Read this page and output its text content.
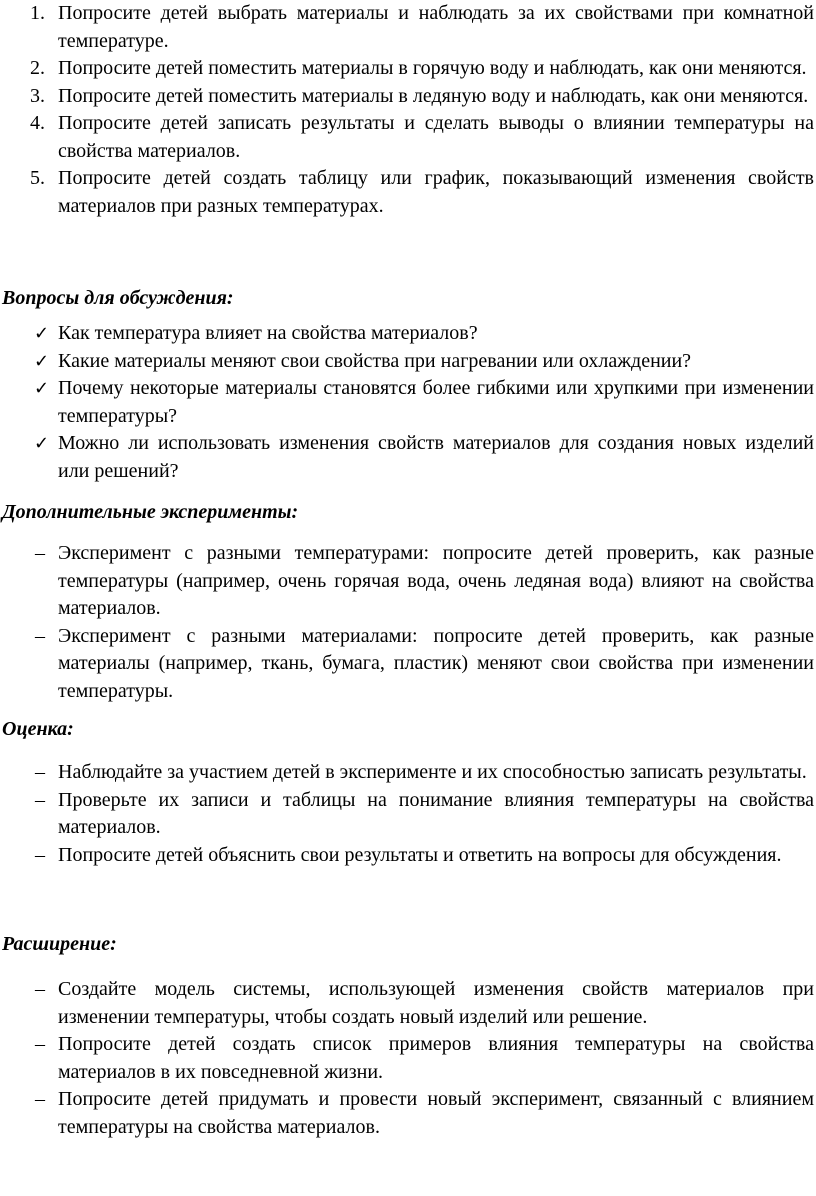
1. Попросите детей выбрать материалы и наблюдать за их свойствами при комнатной температуре.
2. Попросите детей поместить материалы в горячую воду и наблюдать, как они меняются.
3. Попросите детей поместить материалы в ледяную воду и наблюдать, как они меняются.
4. Попросите детей записать результаты и сделать выводы о влиянии температуры на свойства материалов.
5. Попросите детей создать таблицу или график, показывающий изменения свойств материалов при разных температурах.
Вопросы для обсуждения:
✓ Как температура влияет на свойства материалов?
✓ Какие материалы меняют свои свойства при нагревании или охлаждении?
✓ Почему некоторые материалы становятся более гибкими или хрупкими при изменении температуры?
✓ Можно ли использовать изменения свойств материалов для создания новых изделий или решений?
Дополнительные эксперименты:
– Эксперимент с разными температурами: попросите детей проверить, как разные температуры (например, очень горячая вода, очень ледяная вода) влияют на свойства материалов.
– Эксперимент с разными материалами: попросите детей проверить, как разные материалы (например, ткань, бумага, пластик) меняют свои свойства при изменении температуры.
Оценка:
– Наблюдайте за участием детей в эксперименте и их способностью записать результаты.
– Проверьте их записи и таблицы на понимание влияния температуры на свойства материалов.
– Попросите детей объяснить свои результаты и ответить на вопросы для обсуждения.
Расширение:
– Создайте модель системы, использующей изменения свойств материалов при изменении температуры, чтобы создать новый изделий или решение.
– Попросите детей создать список примеров влияния температуры на свойства материалов в их повседневной жизни.
– Попросите детей придумать и провести новый эксперимент, связанный с влиянием температуры на свойства материалов.
